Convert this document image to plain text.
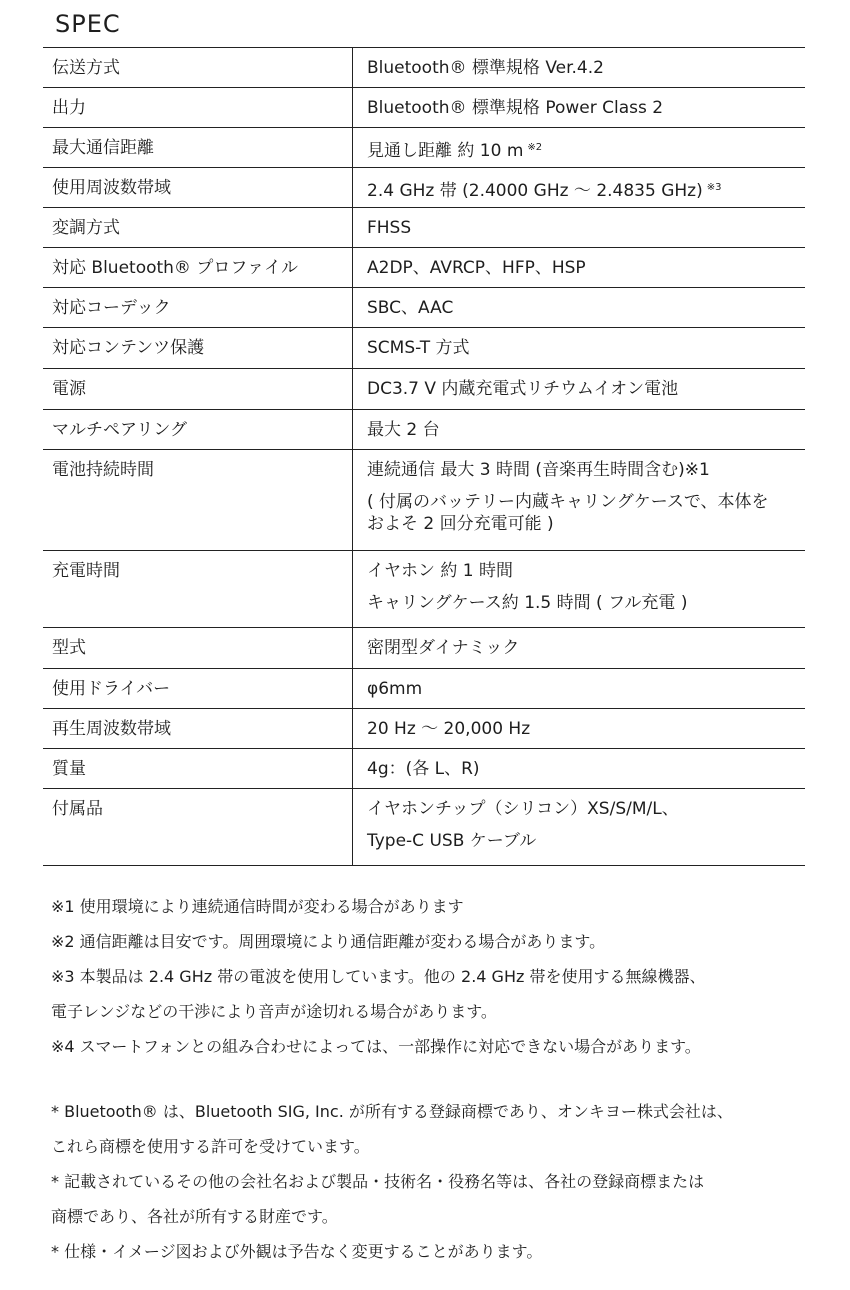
SPEC
伝送方式	Bluetooth® 標準規格 Ver.4.2

出力	Bluetooth® 標準規格 Power Class 2

最大通信距離	見通し距離 約 10 m $^{※2}$

使用周波数帯域	2.4 GHz 帯 (2.4000 GHz ～ 2.4835 GHz) $^{※3}$

変調方式	FHSS

対応 Bluetooth® プロファイル	A2DP、AVRCP、HFP、HSP

対応コーデック	SBC、AAC

対応コンテンツ保護	SCMS-T 方式

電源	DC3.7 V 内蔵充電式リチウムイオン電池

マルチペアリング	最大 2 台

電池持続時間	連続通信 最大 3 時間 (音楽再生時間含む)※1
( 付属のバッテリー内蔵キャリングケースで、本体を
およそ 2 回分充電可能 )

充電時間	イヤホン 約 1 時間
キャリングケース約 1.5 時間 ( フル充電 )

型式	密閉型ダイナミック

使用ドライバー	φ6mm

再生周波数帯域	20 Hz ～ 20,000 Hz

質量	4g：(各 L、R)

付属品	イヤホンチップ（シリコン）XS/S/M/L、
Type-C USB ケーブル

※1 使用環境により連続通信時間が変わる場合があります

※2 通信距離は目安です。周囲環境により通信距離が変わる場合があります。

※3 本製品は 2.4 GHz 帯の電波を使用しています。他の 2.4 GHz 帯を使用する無線機器、

電子レンジなどの干渉により音声が途切れる場合があります。

※4 スマートフォンとの組み合わせによっては、一部操作に対応できない場合があります。

* Bluetooth® は、Bluetooth SIG, Inc. が所有する登録商標であり、オンキヨー株式会社は、

これら商標を使用する許可を受けています。

* 記載されているその他の会社名および製品・技術名・役務名等は、各社の登録商標または

商標であり、各社が所有する財産です。

* 仕様・イメージ図および外観は予告なく変更することがあります。
